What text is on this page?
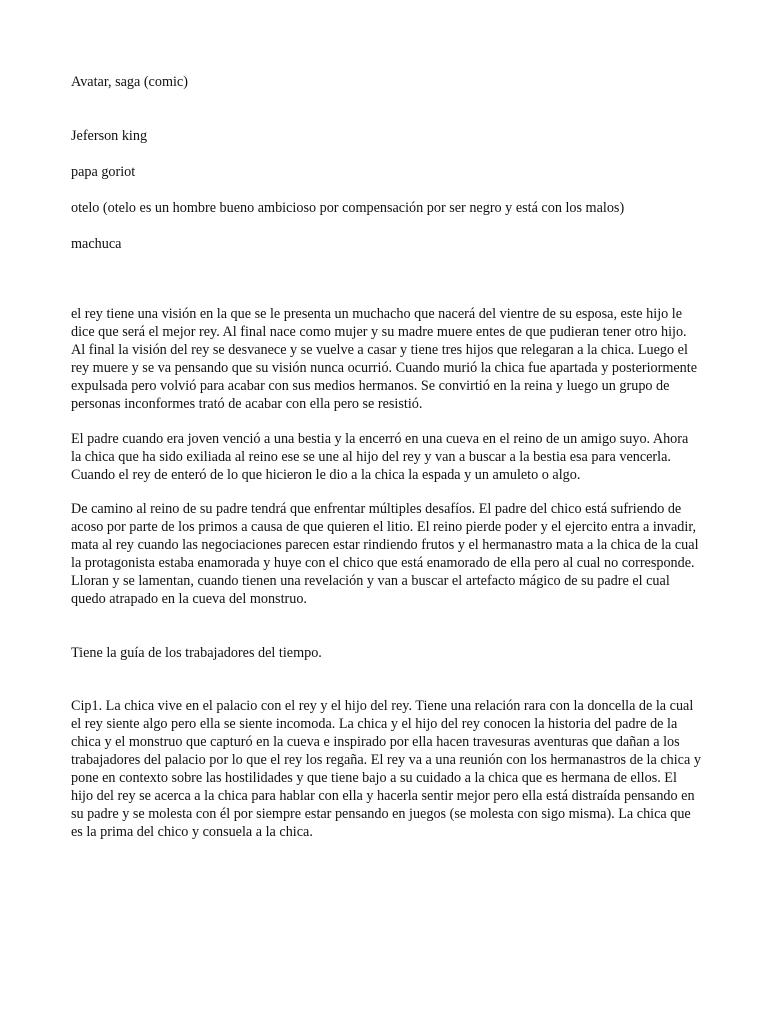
Avatar, saga (comic)

Jeferson king

papa goriot

otelo (otelo es un hombre bueno ambicioso por compensación por ser negro y está con los malos)

machuca

el rey tiene una visión en la que se le presenta un muchacho que nacerá del vientre de su esposa, este hijo le dice que será el mejor rey. Al final nace como mujer y su madre muere entes de que pudieran tener otro hijo. Al final la visión del rey se desvanece y se vuelve a casar y tiene tres hijos que relegaran a la chica. Luego el rey muere y se va pensando que su visión nunca ocurrió. Cuando murió la chica fue apartada y posteriormente expulsada pero volvió para acabar con sus medios hermanos. Se convirtió en la reina y luego un grupo de personas inconformes trató de acabar con ella pero se resistió.

El padre cuando era joven venció a una bestia y la encerró en una cueva en el reino de un amigo suyo. Ahora la chica que ha sido exiliada al reino ese se une al hijo del rey y van a buscar a la bestia esa para vencerla. Cuando el rey de enteró de lo que hicieron le dio a la chica la espada y un amuleto o algo.

De camino al reino de su padre tendrá que enfrentar múltiples desafíos. El padre del chico está sufriendo de acoso por parte de los primos a causa de que quieren el litio. El reino pierde poder y el ejercito entra a invadir, mata al rey cuando las negociaciones parecen estar rindiendo frutos y el hermanastro mata a la chica de la cual la protagonista estaba enamorada y huye con el chico que está enamorado de ella pero al cual no corresponde. Lloran y se lamentan, cuando tienen una revelación y van a buscar el artefacto mágico de su padre el cual quedo atrapado en la cueva del monstruo.

Tiene la guía de los trabajadores del tiempo.

Cip1. La chica vive en el palacio con el rey y el hijo del rey. Tiene una relación rara con la doncella de la cual el rey siente algo pero ella se siente incomoda. La chica y el hijo del rey conocen la historia del padre de la chica y el monstruo que capturó en la cueva e inspirado por ella hacen travesuras aventuras que dañan a los trabajadores del palacio por lo que el rey los regaña. El rey va a una reunión con los hermanastros de la chica y pone en contexto sobre las hostilidades y que tiene bajo a su cuidado a la chica que es hermana de ellos. El hijo del rey se acerca a la chica para hablar con ella y hacerla sentir mejor pero ella está distraída pensando en su padre y se molesta con él por siempre estar pensando en juegos (se molesta con sigo misma). La chica que es la prima del chico y consuela a la chica.
